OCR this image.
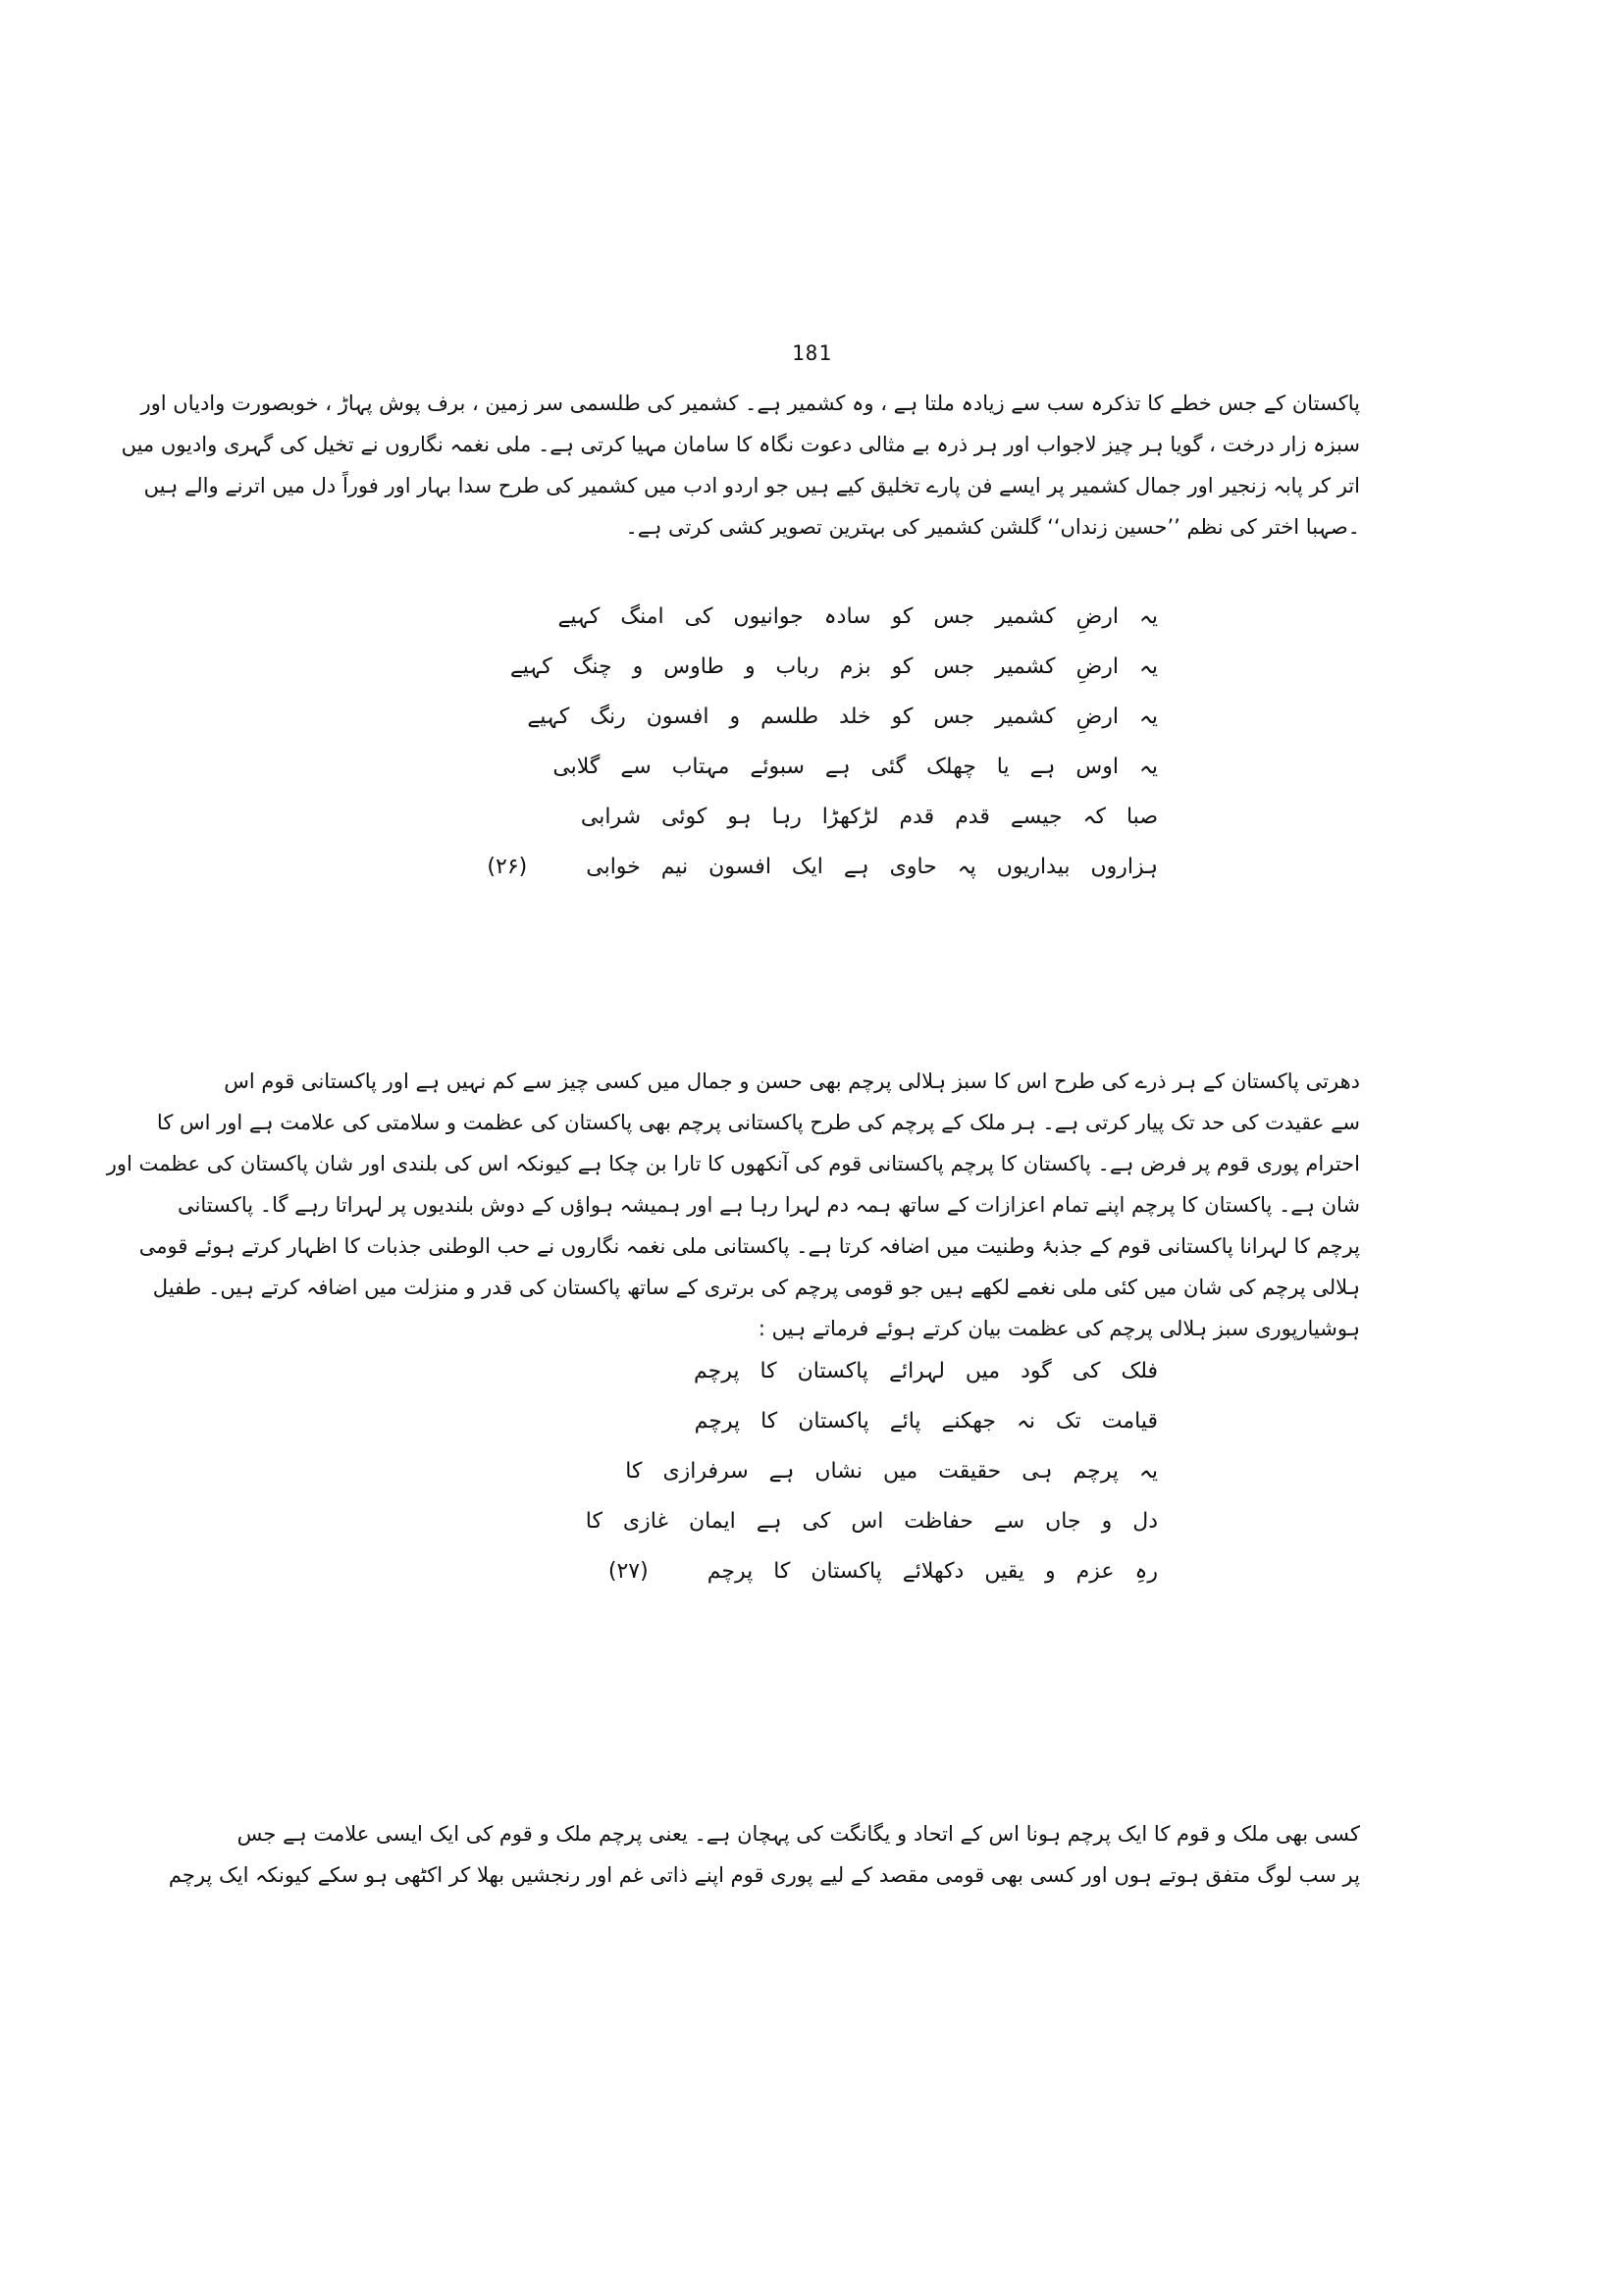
181
پاکستان کے جس خطے کا تذکرہ سب سے زیادہ ملتا ہے ، وہ کشمیر ہے۔ کشمیر کی طلسمی سر زمین ، برف پوش پہاڑ ، خوبصورت وادیاں اور
سبزہ زار درخت ، گویا ہر چیز لاجواب اور ہر ذرہ بے مثالی دعوت نگاہ کا سامان مہیا کرتی ہے۔ ملی نغمہ نگاروں نے تخیل کی گہری وادیوں میں
اتر کر پابہ زنجیر اور جمال کشمیر پر ایسے فن پارے تخلیق کیے ہیں جو اردو ادب میں کشمیر کی طرح سدا بہار اور فوراً دل میں اترنے والے ہیں
۔صہبا اختر کی نظم ’’حسین زنداں‘‘ گلشن کشمیر کی بہترین تصویر کشی کرتی ہے۔
یہ ارضِ کشمیر جس کو سادہ جوانیوں کی امنگ کہیے
یہ ارضِ کشمیر جس کو بزم رباب و طاوس و چنگ کہیے
یہ ارضِ کشمیر جس کو خلد طلسم و افسون رنگ کہیے
یہ اوس ہے یا چھلک گئی ہے سبوئے مہتاب سے گلابی
صبا کہ جیسے قدم قدم لڑکھڑا رہا ہو کوئی شرابی
ہزاروں بیداریوں پہ حاوی ہے ایک افسون نیم خوابی(۲۶)
دھرتی پاکستان کے ہر ذرے کی طرح اس کا سبز ہلالی پرچم بھی حسن و جمال میں کسی چیز سے کم نہیں ہے اور پاکستانی قوم اس
سے عقیدت کی حد تک پیار کرتی ہے۔ ہر ملک کے پرچم کی طرح پاکستانی پرچم بھی پاکستان کی عظمت و سلامتی کی علامت ہے اور اس کا
احترام پوری قوم پر فرض ہے۔ پاکستان کا پرچم پاکستانی قوم کی آنکھوں کا تارا بن چکا ہے کیونکہ اس کی بلندی اور شان پاکستان کی عظمت اور
شان ہے۔ پاکستان کا پرچم اپنے تمام اعزازات کے ساتھ ہمہ دم لہرا رہا ہے اور ہمیشہ ہواؤں کے دوش بلندیوں پر لہراتا رہے گا۔ پاکستانی
پرچم کا لہرانا پاکستانی قوم کے جذبۂ وطنیت میں اضافہ کرتا ہے۔ پاکستانی ملی نغمہ نگاروں نے حب الوطنی جذبات کا اظہار کرتے ہوئے قومی
ہلالی پرچم کی شان میں کئی ملی نغمے لکھے ہیں جو قومی پرچم کی برتری کے ساتھ پاکستان کی قدر و منزلت میں اضافہ کرتے ہیں۔ طفیل
ہوشیارپوری سبز ہلالی پرچم کی عظمت بیان کرتے ہوئے فرماتے ہیں :
فلک کی گود میں لہرائے پاکستان کا پرچم
قیامت تک نہ جھکنے پائے پاکستان کا پرچم
یہ پرچم ہی حقیقت میں نشاں ہے سرفرازی کا
دل و جاں سے حفاظت اس کی ہے ایمان غازی کا
رہِ عزم و یقیں دکھلائے پاکستان کا پرچم(۲۷)
کسی بھی ملک و قوم کا ایک پرچم ہونا اس کے اتحاد و یگانگت کی پہچان ہے۔ یعنی پرچم ملک و قوم کی ایک ایسی علامت ہے جس
پر سب لوگ متفق ہوتے ہوں اور کسی بھی قومی مقصد کے لیے پوری قوم اپنے ذاتی غم اور رنجشیں بھلا کر اکٹھی ہو سکے کیونکہ ایک پرچم
